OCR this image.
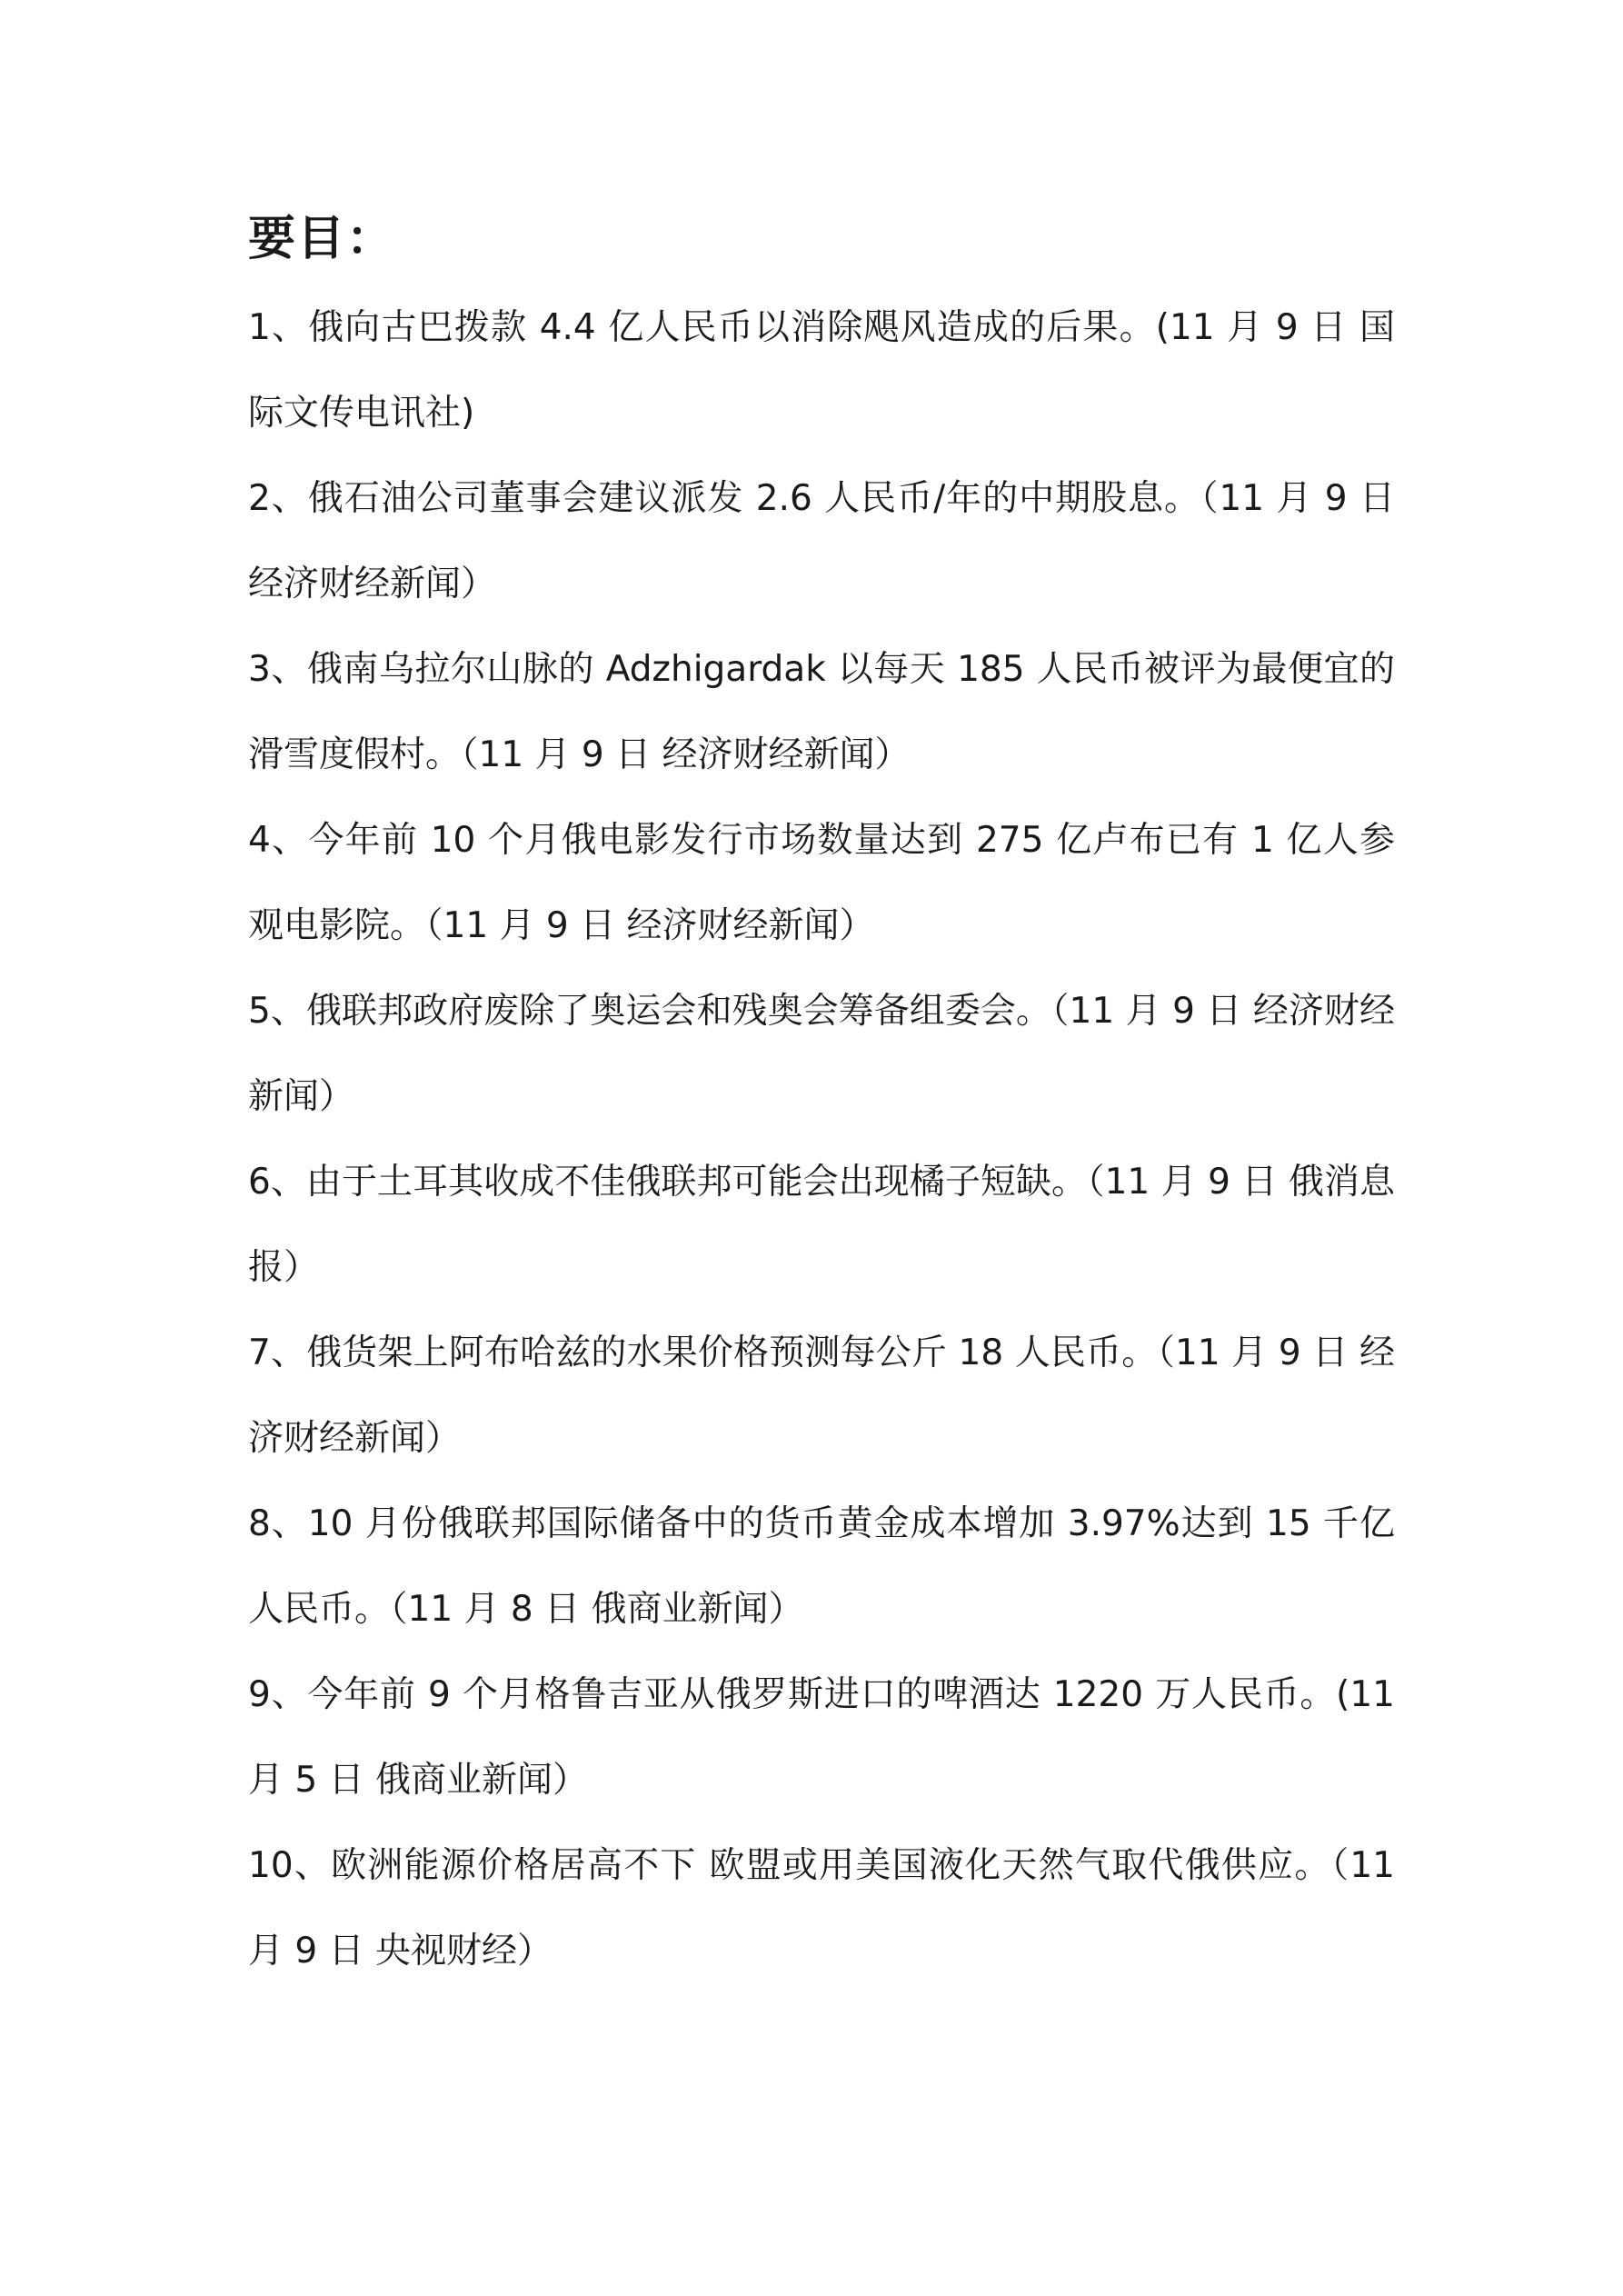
要目：

1、俄向古巴拨款 4.4 亿人民币以消除飓风造成的后果。(11 月 9 日 国际文传电讯社)

2、俄石油公司董事会建议派发 2.6 人民币/年的中期股息。（11 月 9 日 经济财经新闻）

3、俄南乌拉尔山脉的 Adzhigardak 以每天 185 人民币被评为最便宜的滑雪度假村。（11 月 9 日 经济财经新闻）

4、今年前 10 个月俄电影发行市场数量达到 275 亿卢布已有 1 亿人参观电影院。（11 月 9 日 经济财经新闻）

5、俄联邦政府废除了奥运会和残奥会筹备组委会。（11 月 9 日 经济财经新闻）

6、由于土耳其收成不佳俄联邦可能会出现橘子短缺。（11 月 9 日 俄消息报）

7、俄货架上阿布哈兹的水果价格预测每公斤 18 人民币。（11 月 9 日 经济财经新闻）

8、10 月份俄联邦国际储备中的货币黄金成本增加 3.97%达到 15 千亿人民币。（11 月 8 日 俄商业新闻）

9、今年前 9 个月格鲁吉亚从俄罗斯进口的啤酒达 1220 万人民币。(11 月 5 日 俄商业新闻）

10、欧洲能源价格居高不下 欧盟或用美国液化天然气取代俄供应。（11 月 9 日 央视财经）
